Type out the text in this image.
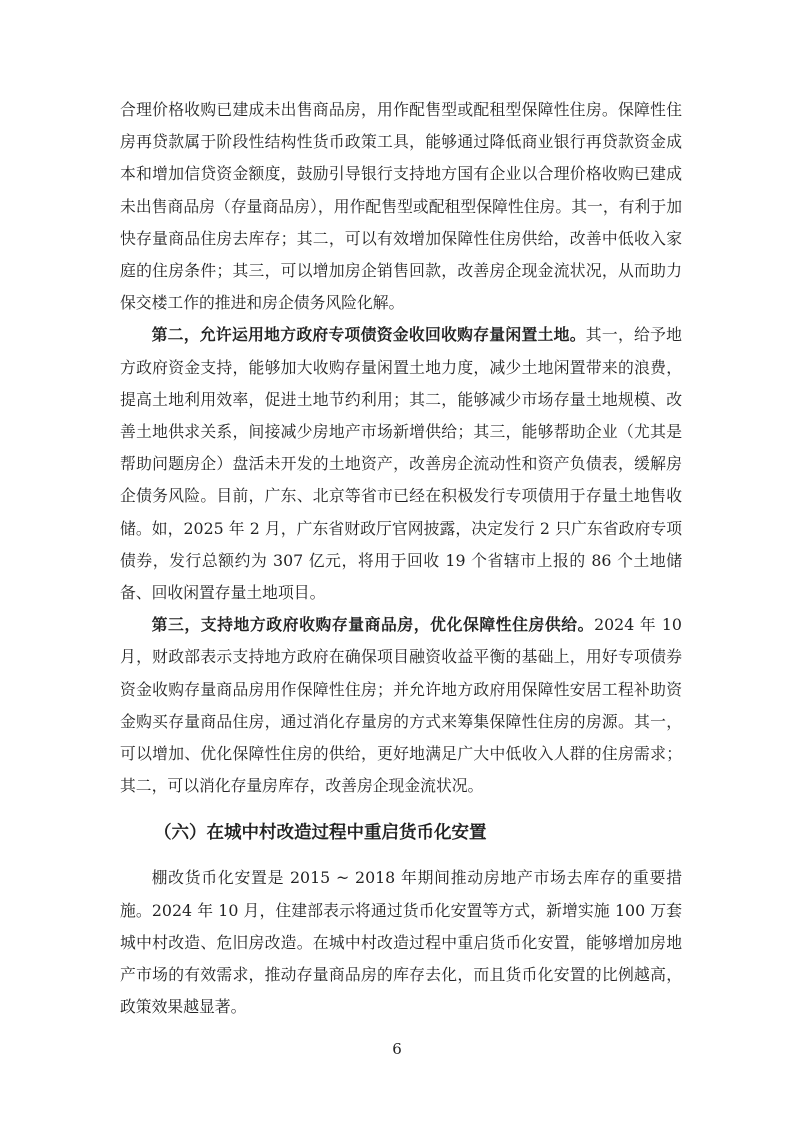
合理价格收购已建成未出售商品房，用作配售型或配租型保障性住房。保障性住房再贷款属于阶段性结构性货币政策工具，能够通过降低商业银行再贷款资金成本和增加信贷资金额度，鼓励引导银行支持地方国有企业以合理价格收购已建成未出售商品房（存量商品房），用作配售型或配租型保障性住房。其一，有利于加快存量商品住房去库存；其二，可以有效增加保障性住房供给，改善中低收入家庭的住房条件；其三，可以增加房企销售回款，改善房企现金流状况，从而助力保交楼工作的推进和房企债务风险化解。

第二，允许运用地方政府专项债资金收回收购存量闲置土地。其一，给予地方政府资金支持，能够加大收购存量闲置土地力度，减少土地闲置带来的浪费，提高土地利用效率，促进土地节约利用；其二，能够减少市场存量土地规模、改善土地供求关系，间接减少房地产市场新增供给；其三，能够帮助企业（尤其是帮助问题房企）盘活未开发的土地资产，改善房企流动性和资产负债表，缓解房企债务风险。目前，广东、北京等省市已经在积极发行专项债用于存量土地售收储。如，2025 年 2 月，广东省财政厅官网披露，决定发行 2 只广东省政府专项债券，发行总额约为 307 亿元，将用于回收 19 个省辖市上报的 86 个土地储备、回收闲置存量土地项目。

第三，支持地方政府收购存量商品房，优化保障性住房供给。2024 年 10 月，财政部表示支持地方政府在确保项目融资收益平衡的基础上，用好专项债券资金收购存量商品房用作保障性住房；并允许地方政府用保障性安居工程补助资金购买存量商品住房，通过消化存量房的方式来筹集保障性住房的房源。其一，可以增加、优化保障性住房的供给，更好地满足广大中低收入人群的住房需求；其二，可以消化存量房库存，改善房企现金流状况。

（六）在城中村改造过程中重启货币化安置

棚改货币化安置是 2015 ~ 2018 年期间推动房地产市场去库存的重要措施。2024 年 10 月，住建部表示将通过货币化安置等方式，新增实施 100 万套城中村改造、危旧房改造。在城中村改造过程中重启货币化安置，能够增加房地产市场的有效需求，推动存量商品房的库存去化，而且货币化安置的比例越高，政策效果越显著。

6
